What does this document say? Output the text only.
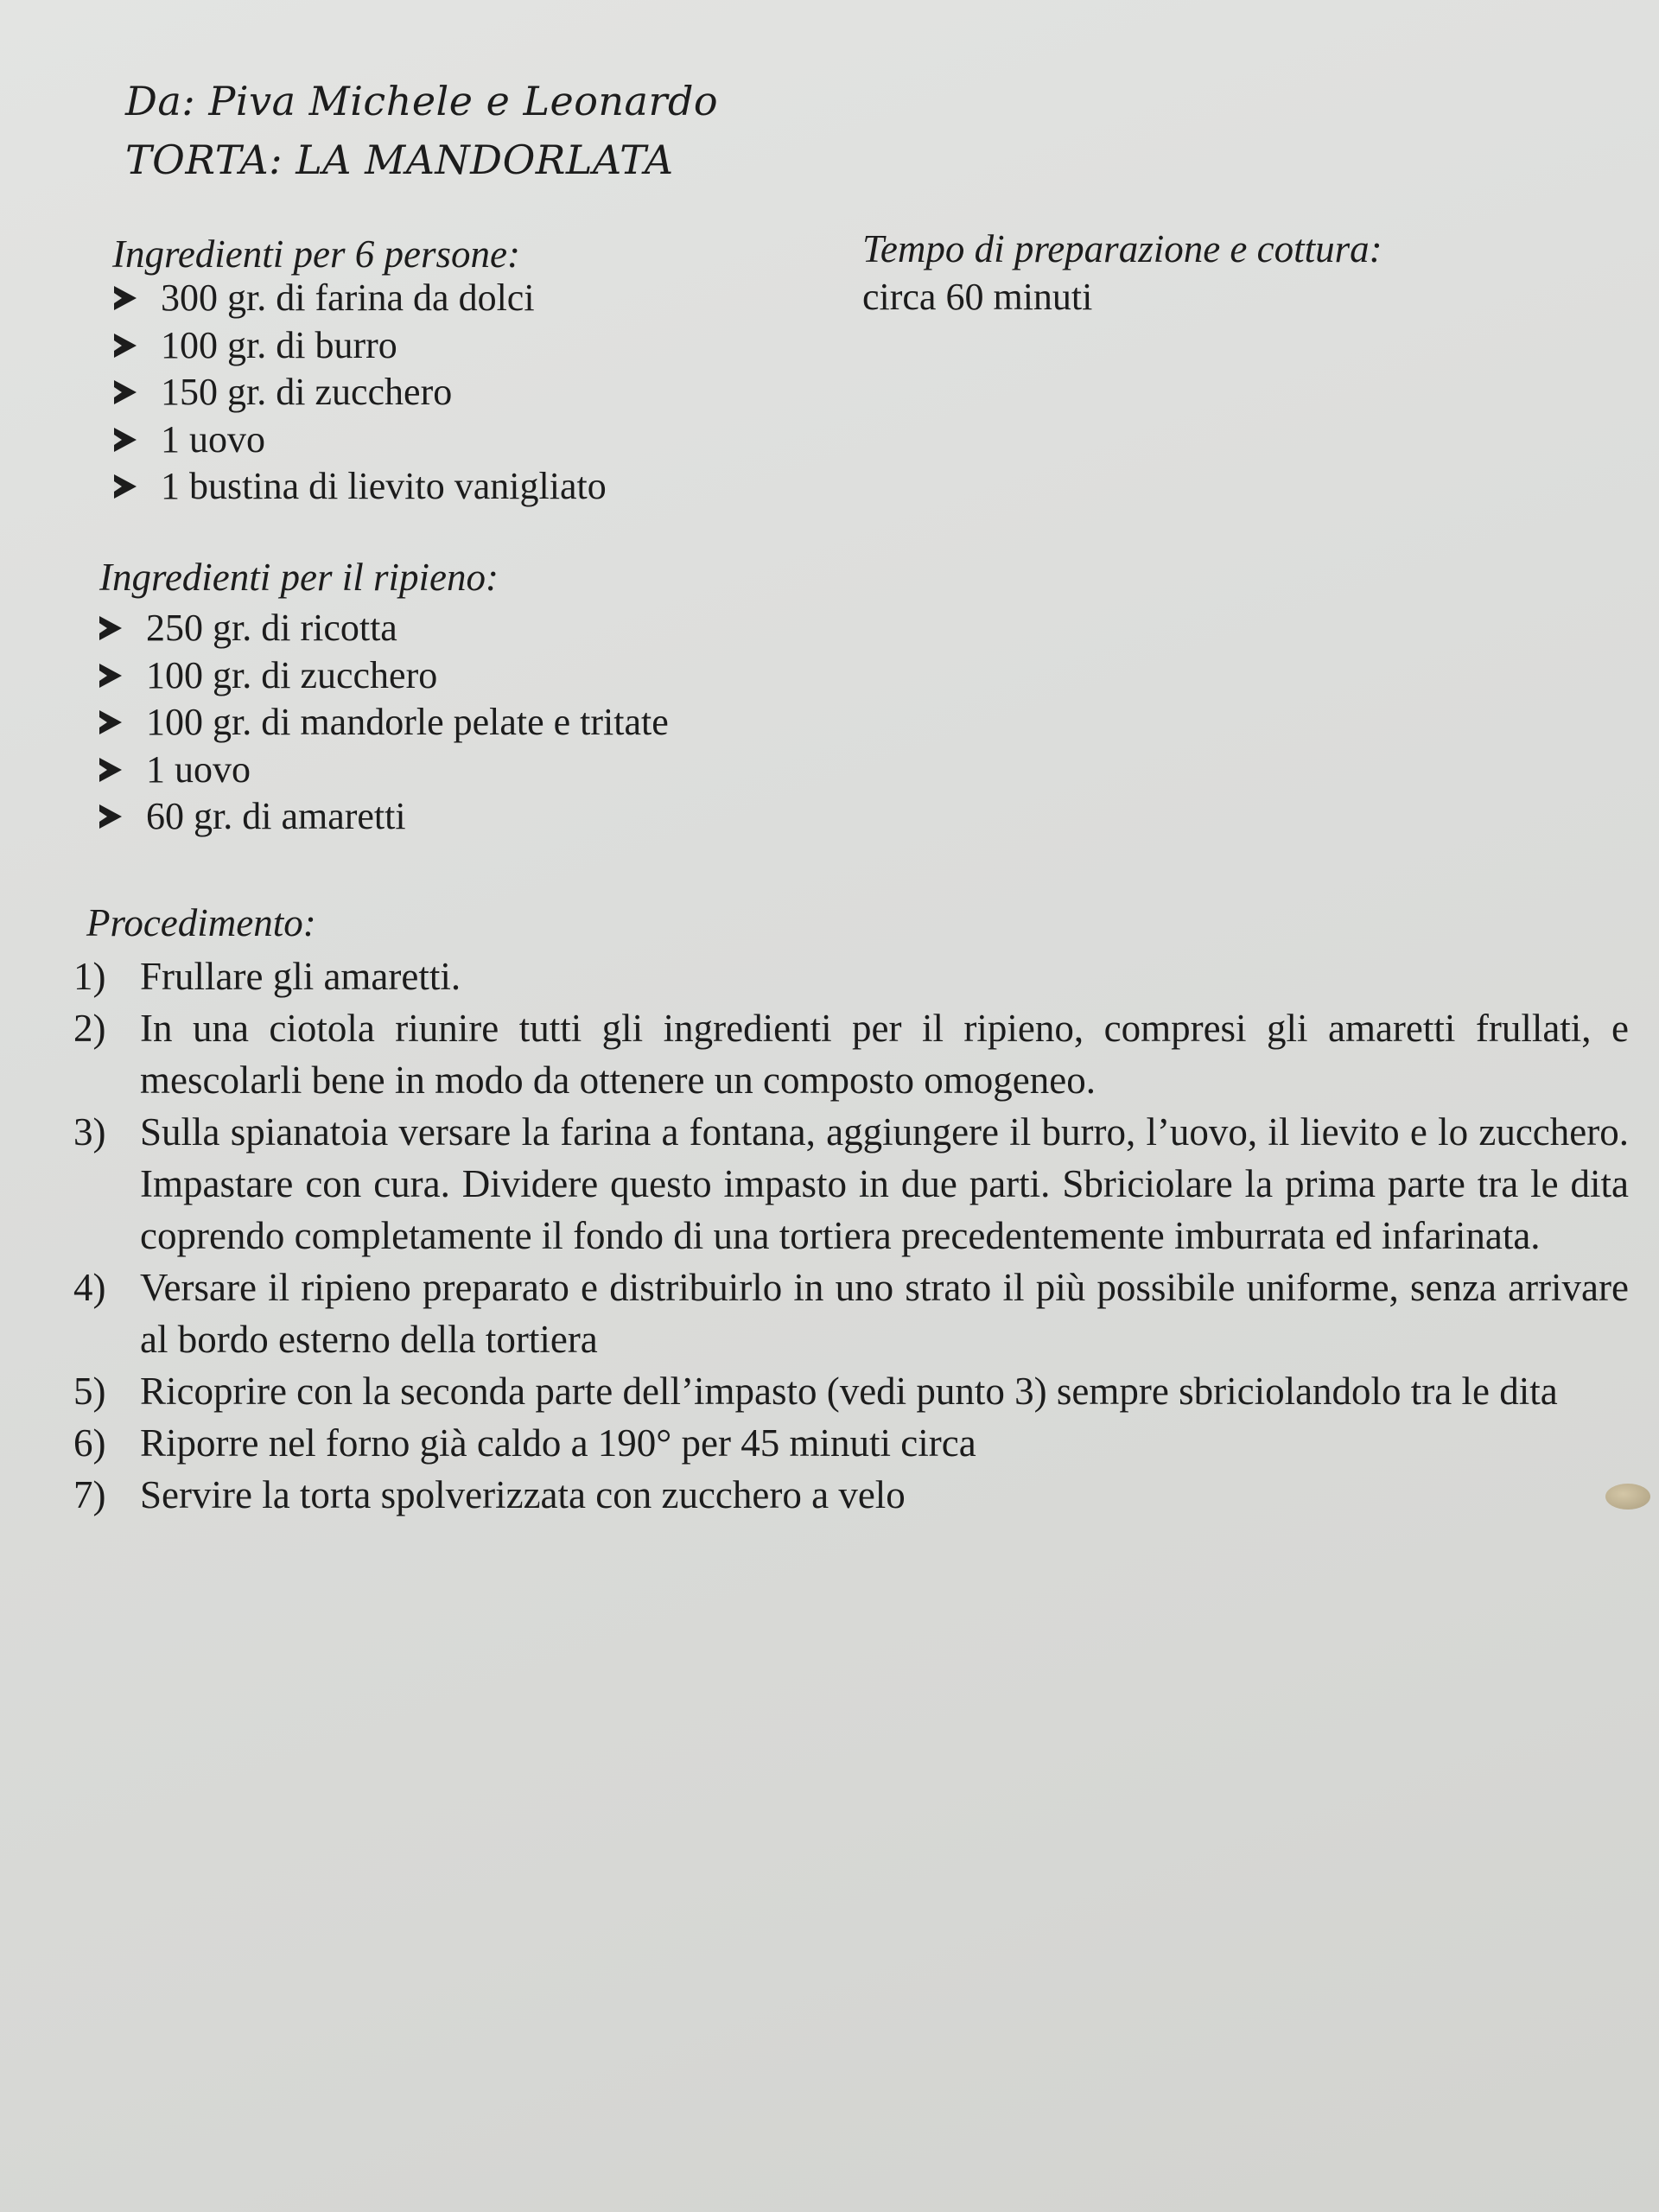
Da: Piva Michele e Leonardo
TORTA: LA MANDORLATA
Ingredienti per 6 persone:
300 gr. di farina da dolci
100 gr. di burro
150 gr. di zucchero
1 uovo
1 bustina di lievito vanigliato
Tempo di preparazione e cottura:
circa 60 minuti
Ingredienti per il ripieno:
250 gr. di ricotta
100 gr. di zucchero
100 gr. di mandorle pelate e tritate
1 uovo
60 gr. di amaretti
Procedimento:
1) Frullare gli amaretti.
2) In una ciotola riunire tutti gli ingredienti per il ripieno, compresi gli amaretti frullati, e mescolarli bene in modo da ottenere un composto omogeneo.
3) Sulla spianatoia versare la farina a fontana, aggiungere il burro, l’uovo, il lievito e lo zucchero. Impastare con cura. Dividere questo impasto in due parti. Sbriciolare la prima parte tra le dita coprendo completamente il fondo di una tortiera precedentemente imburrata ed infarinata.
4) Versare il ripieno preparato e distribuirlo in uno strato il più possibile uniforme, senza arrivare al bordo esterno della tortiera
5) Ricoprire con la seconda parte dell’impasto (vedi punto 3) sempre sbriciolandolo tra le dita
6) Riporre nel forno già caldo a 190° per 45 minuti circa
7) Servire la torta spolverizzata con zucchero a velo
